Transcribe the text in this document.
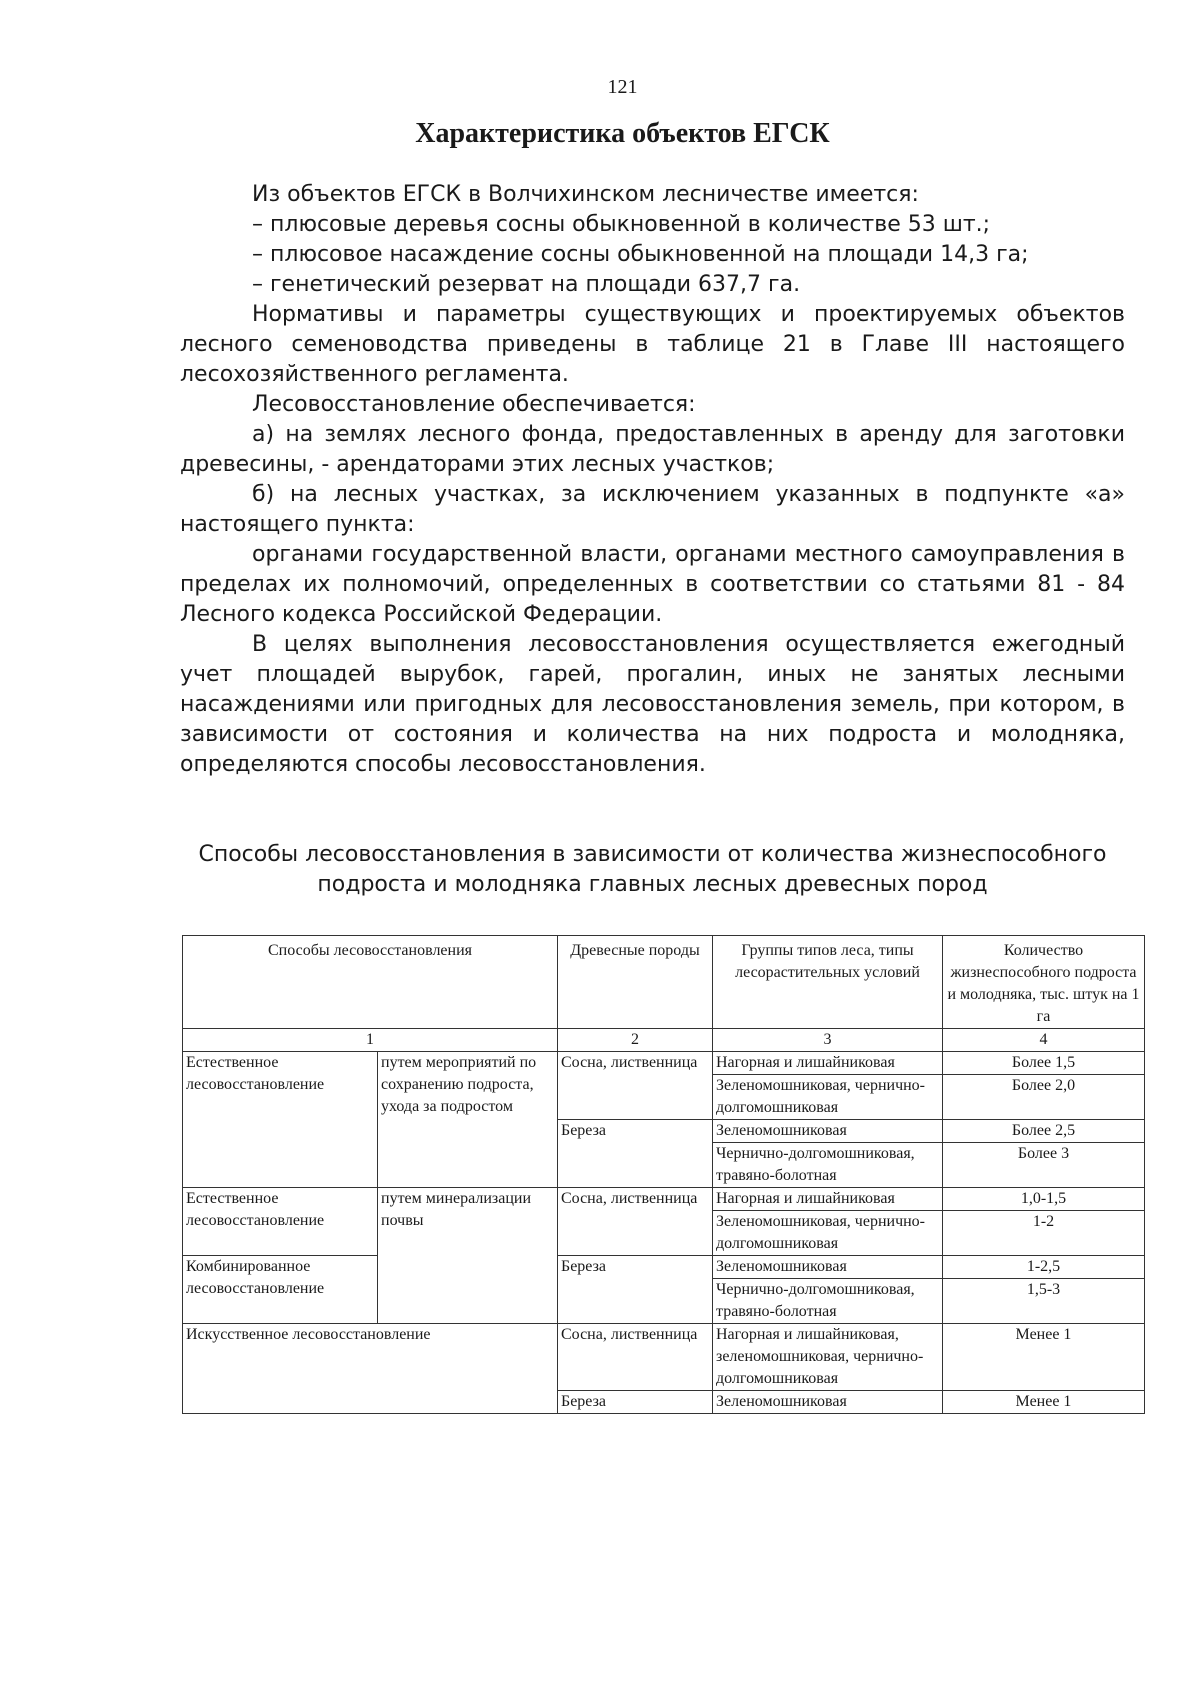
121
Характеристика объектов ЕГСК

Из объектов ЕГСК в Волчихинском лесничестве имеется:

– плюсовые деревья сосны обыкновенной в количестве 53 шт.;

– плюсовое насаждение сосны обыкновенной на площади 14,3 га;

– генетический резерват на площади 637,7 га.

Нормативы и параметры существующих и проектируемых объектов лесного семеноводства приведены в таблице 21 в Главе III настоящего лесохозяйственного регламента.

Лесовосстановление обеспечивается:

а) на землях лесного фонда, предоставленных в аренду для заготовки древесины, - арендаторами этих лесных участков;

б) на лесных участках, за исключением указанных в подпункте «а» настоящего пункта:

органами государственной власти, органами местного самоуправления в пределах их полномочий, определенных в соответствии со статьями 81 - 84 Лесного кодекса Российской Федерации.

В целях выполнения лесовосстановления осуществляется ежегодный учет площадей вырубок, гарей, прогалин, иных не занятых лесными насаждениями или пригодных для лесовосстановления земель, при котором, в зависимости от состояния и количества на них подроста и молодняка, определяются способы лесовосстановления.

Способы лесовосстановления в зависимости от количества жизнеспособного подроста и молодняка главных лесных древесных пород
Способы лесовосстановления		Древесные породы	Группы типов леса, типы лесорастительных условий	Количество жизнеспособного подроста и молодняка, тыс. штук на 1 га
1		2	3	4
Естественное лесовосстановление	путем мероприятий по сохранению подроста, ухода за подростом	Сосна, лиственница	Нагорная и лишайниковая	Более 1,5
			Зеленомошниковая, чернично-долгомошниковая	Более 2,0
		Береза	Зеленомошниковая	Более 2,5
			Чернично-долгомошниковая, травяно-болотная	Более 3
Естественное лесовосстановление	путем минерализации почвы	Сосна, лиственница	Нагорная и лишайниковая	1,0-1,5
			Зеленомошниковая, чернично-долгомошниковая	1-2
Комбинированное лесовосстановление		Береза	Зеленомошниковая	1-2,5
			Чернично-долгомошниковая, травяно-болотная	1,5-3
Искусственное лесовосстановление		Сосна, лиственница	Нагорная и лишайниковая, зеленомошниковая, чернично-долгомошниковая	Менее 1
		Береза	Зеленомошниковая	Менее 1
